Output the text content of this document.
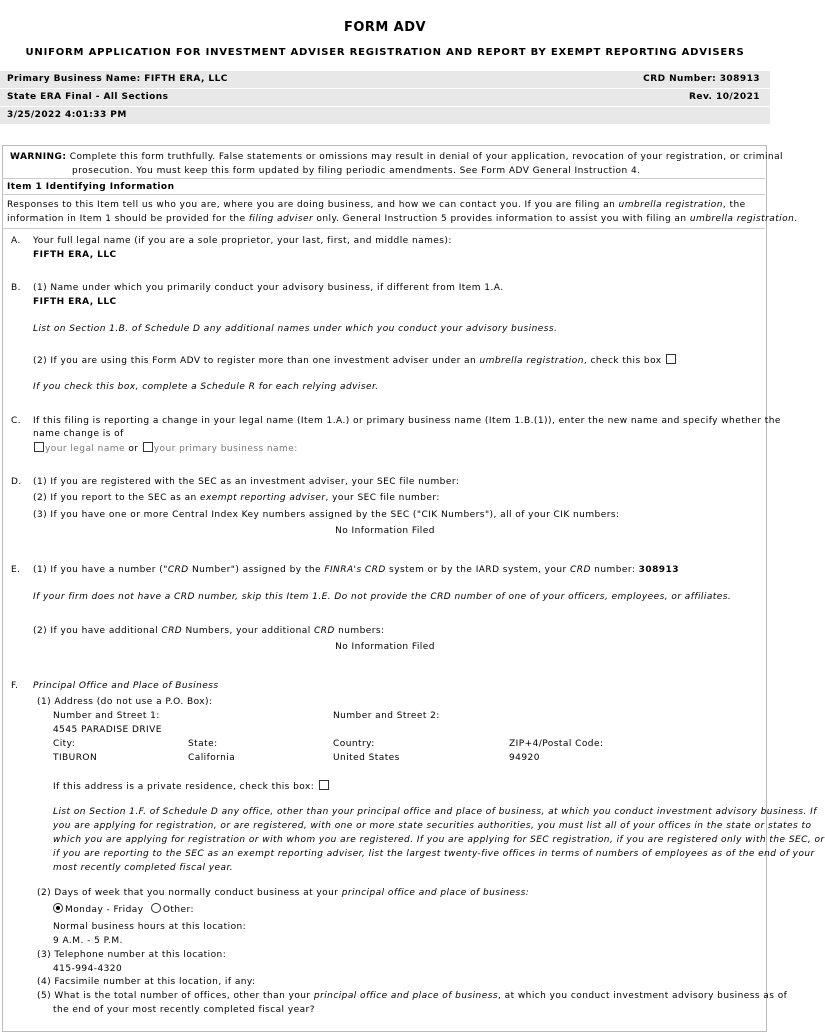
FORM ADV
UNIFORM APPLICATION FOR INVESTMENT ADVISER REGISTRATION AND REPORT BY EXEMPT REPORTING ADVISERS
Primary Business Name: FIFTH ERA, LLC	CRD Number: 308913
State ERA Final - All Sections	Rev. 10/2021
3/25/2022 4:01:33 PM
WARNING: Complete this form truthfully. False statements or omissions may result in denial of your application, revocation of your registration, or criminal
prosecution. You must keep this form updated by filing periodic amendments. See Form ADV General Instruction 4.
Item 1 Identifying Information
Responses to this Item tell us who you are, where you are doing business, and how we can contact you. If you are filing an umbrella registration, the
information in Item 1 should be provided for the filing adviser only. General Instruction 5 provides information to assist you with filing an umbrella registration.
A. Your full legal name (if you are a sole proprietor, your last, first, and middle names):
FIFTH ERA, LLC
B. (1) Name under which you primarily conduct your advisory business, if different from Item 1.A.
FIFTH ERA, LLC
List on Section 1.B. of Schedule D any additional names under which you conduct your advisory business.
(2) If you are using this Form ADV to register more than one investment adviser under an umbrella registration, check this box
If you check this box, complete a Schedule R for each relying adviser.
C. If this filing is reporting a change in your legal name (Item 1.A.) or primary business name (Item 1.B.(1)), enter the new name and specify whether the
name change is of
your legal name or your primary business name:
D. (1) If you are registered with the SEC as an investment adviser, your SEC file number:
(2) If you report to the SEC as an exempt reporting adviser, your SEC file number:
(3) If you have one or more Central Index Key numbers assigned by the SEC ("CIK Numbers"), all of your CIK numbers:
No Information Filed
E. (1) If you have a number ("CRD Number") assigned by the FINRA's CRD system or by the IARD system, your CRD number: 308913
If your firm does not have a CRD number, skip this Item 1.E. Do not provide the CRD number of one of your officers, employees, or affiliates.
(2) If you have additional CRD Numbers, your additional CRD numbers:
No Information Filed
F. Principal Office and Place of Business
(1) Address (do not use a P.O. Box):
Number and Street 1:	Number and Street 2:
4545 PARADISE DRIVE
City:	State:	Country:	ZIP+4/Postal Code:
TIBURON	California	United States	94920
If this address is a private residence, check this box:
List on Section 1.F. of Schedule D any office, other than your principal office and place of business, at which you conduct investment advisory business. If
you are applying for registration, or are registered, with one or more state securities authorities, you must list all of your offices in the state or states to
which you are applying for registration or with whom you are registered. If you are applying for SEC registration, if you are registered only with the SEC, or
if you are reporting to the SEC as an exempt reporting adviser, list the largest twenty-five offices in terms of numbers of employees as of the end of your
most recently completed fiscal year.
(2) Days of week that you normally conduct business at your principal office and place of business:
Monday - Friday Other:
Normal business hours at this location:
9 A.M. - 5 P.M.
(3) Telephone number at this location:
415-994-4320
(4) Facsimile number at this location, if any:
(5) What is the total number of offices, other than your principal office and place of business, at which you conduct investment advisory business as of
the end of your most recently completed fiscal year?
